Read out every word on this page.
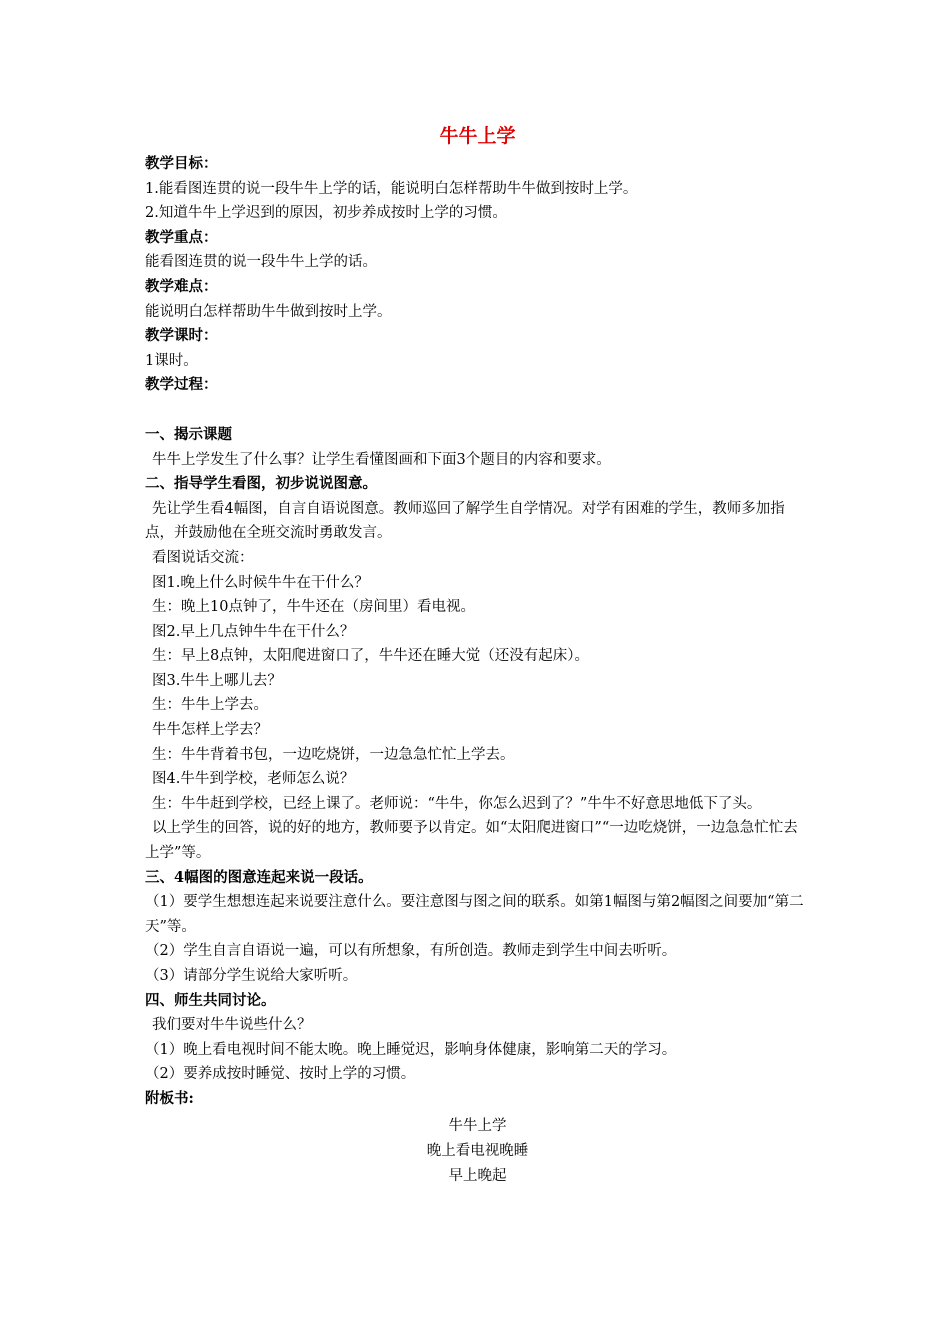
牛牛上学
教学目标：
1.能看图连贯的说一段牛牛上学的话，能说明白怎样帮助牛牛做到按时上学。
2.知道牛牛上学迟到的原因，初步养成按时上学的习惯。
教学重点：
能看图连贯的说一段牛牛上学的话。
教学难点：
能说明白怎样帮助牛牛做到按时上学。
教学课时：
1课时。
教学过程：
一、揭示课题
牛牛上学发生了什么事？让学生看懂图画和下面3个题目的内容和要求。
二、指导学生看图，初步说说图意。
先让学生看4幅图，自言自语说图意。教师巡回了解学生自学情况。对学有困难的学生，教师多加指点，并鼓励他在全班交流时勇敢发言。
看图说话交流：
图1.晚上什么时候牛牛在干什么？
生：晚上10点钟了，牛牛还在（房间里）看电视。
图2.早上几点钟牛牛在干什么？
生：早上8点钟，太阳爬进窗口了，牛牛还在睡大觉（还没有起床）。
图3.牛牛上哪儿去？
生：牛牛上学去。
牛牛怎样上学去？
生：牛牛背着书包，一边吃烧饼，一边急急忙忙上学去。
图4.牛牛到学校，老师怎么说？
生：牛牛赶到学校，已经上课了。老师说：“牛牛，你怎么迟到了？”牛牛不好意思地低下了头。
以上学生的回答，说的好的地方，教师要予以肯定。如“太阳爬进窗口”“一边吃烧饼，一边急急忙忙去上学”等。
三、4幅图的图意连起来说一段话。
（1）要学生想想连起来说要注意什么。要注意图与图之间的联系。如第1幅图与第2幅图之间要加“第二天”等。
（2）学生自言自语说一遍，可以有所想象，有所创造。教师走到学生中间去听听。
（3）请部分学生说给大家听听。
四、师生共同讨论。
我们要对牛牛说些什么？
（1）晚上看电视时间不能太晚。晚上睡觉迟，影响身体健康，影响第二天的学习。
（2）要养成按时睡觉、按时上学的习惯。
附板书:
牛牛上学
晚上看电视晚睡
早上晚起
